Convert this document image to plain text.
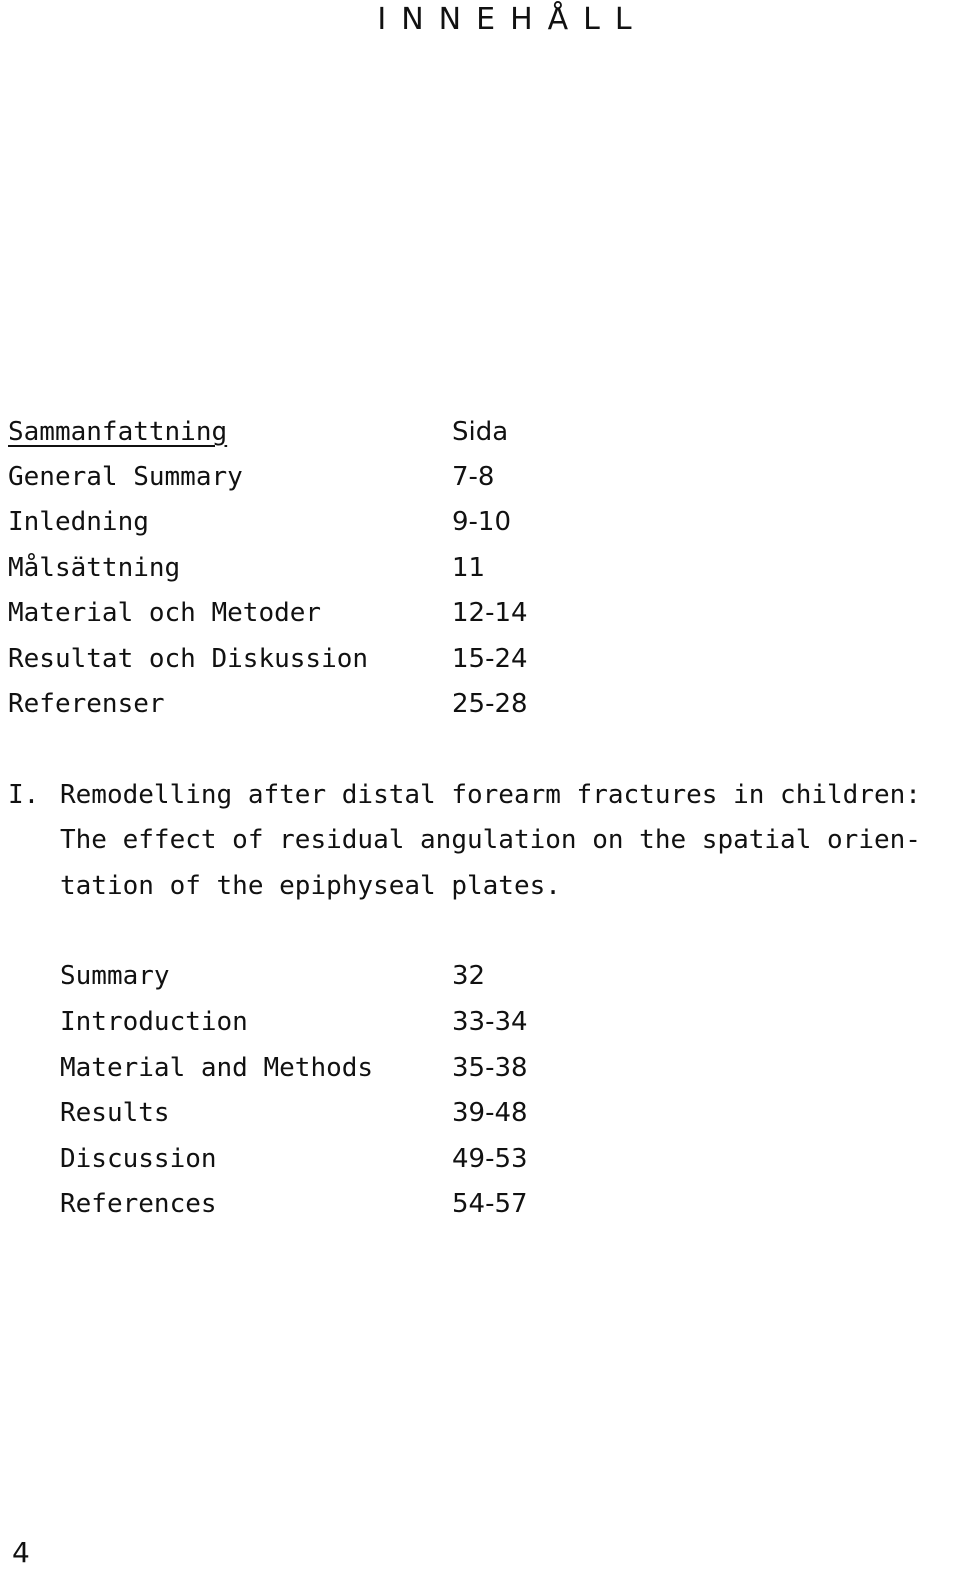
INNEHÅLL
Sammanfattning	Sida
General Summary	7-8
Inledning	9-10
Målsättning	11
Material och Metoder	12-14
Resultat och Diskussion	15-24
Referenser	25-28
I. Remodelling after distal forearm fractures in children:
The effect of residual angulation on the spatial orien-
tation of the epiphyseal plates.
Summary	32
Introduction	33-34
Material and Methods	35-38
Results	39-48
Discussion	49-53
References	54-57
4
